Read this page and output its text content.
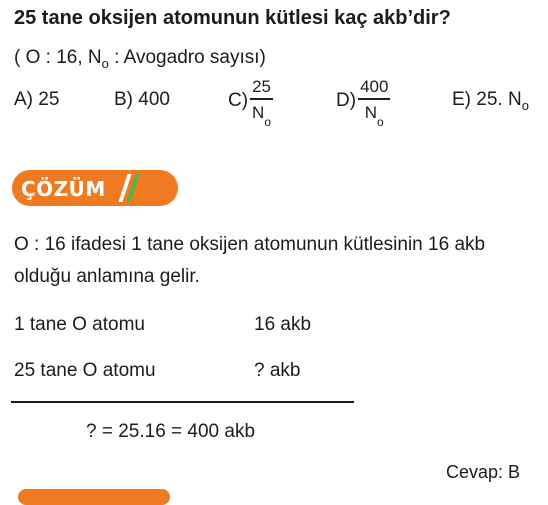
25 tane oksijen atomunun kütlesi kaç akb’dir?
( O : 16, $N_o$ : Avogadro sayısı)
A) 25	B) 400	$C) \frac{25}{N_o}$	$D) \frac{400}{N_o}$	E) 25. $N_o$
ÇÖZÜM
O : 16 ifadesi 1 tane oksijen atomunun kütlesinin 16 akb
olduğu anlamına gelir.
1 tane O atomu	16 akb
25 tane O atomu	? akb
? = 25.16 = 400 akb
Cevap: B
